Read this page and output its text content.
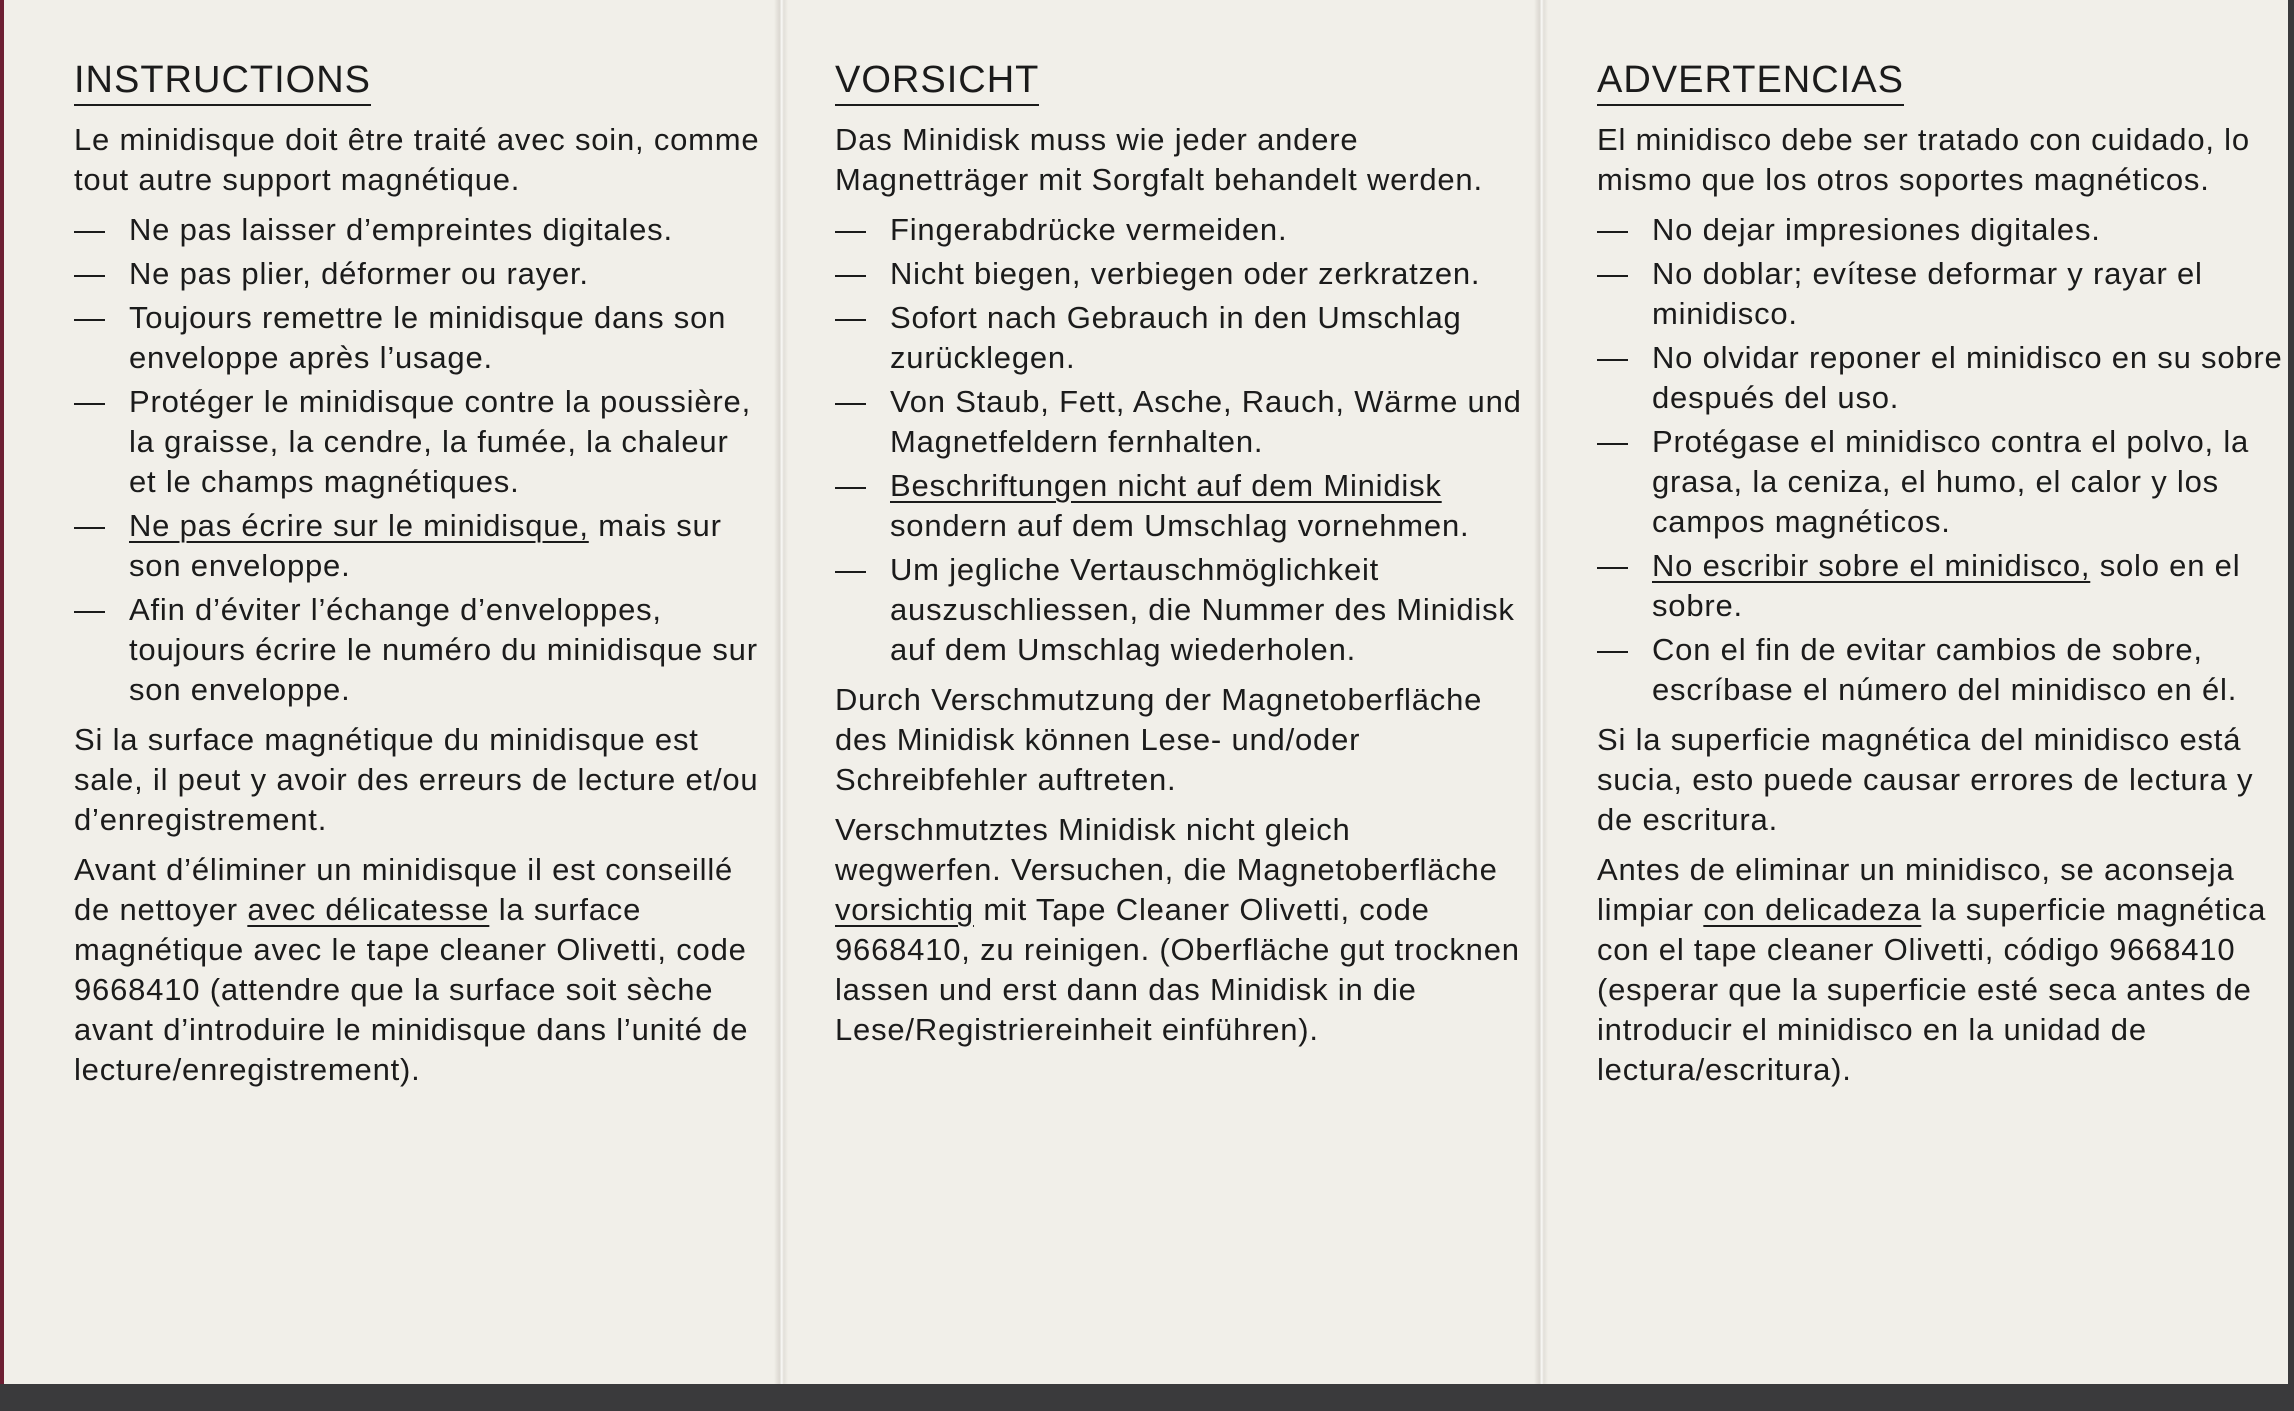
INSTRUCTIONS

Le minidisque doit être traité avec soin, comme tout autre support magnétique.

— Ne pas laisser d’empreintes digitales.
— Ne pas plier, déformer ou rayer.
— Toujours remettre le minidisque dans son enveloppe après l’usage.
— Protéger le minidisque contre la poussière, la graisse, la cendre, la fumée, la chaleur et le champs magnétiques.
— Ne pas écrire sur le minidisque, mais sur son enveloppe.
— Afin d’éviter l’échange d’enveloppes, toujours écrire le numéro du minidisque sur son enveloppe.

Si la surface magnétique du minidisque est sale, il peut y avoir des erreurs de lecture et/ou d’enregistrement.

Avant d’éliminer un minidisque il est conseillé de nettoyer avec délicatesse la surface magnétique avec le tape cleaner Olivetti, code 9668410 (attendre que la surface soit sèche avant d’introduire le minidisque dans l’unité de lecture/enregistrement).

VORSICHT

Das Minidisk muss wie jeder andere Magnetträger mit Sorgfalt behandelt werden.

— Fingerabdrücke vermeiden.
— Nicht biegen, verbiegen oder zerkratzen.
— Sofort nach Gebrauch in den Umschlag zurücklegen.
— Von Staub, Fett, Asche, Rauch, Wärme und Magnetfeldern fernhalten.
— Beschriftungen nicht auf dem Minidisk sondern auf dem Umschlag vornehmen.
— Um jegliche Vertauschmöglichkeit auszuschliessen, die Nummer des Minidisk auf dem Umschlag wiederholen.

Durch Verschmutzung der Magnetoberfläche des Minidisk können Lese- und/oder Schreibfehler auftreten.

Verschmutztes Minidisk nicht gleich wegwerfen. Versuchen, die Magnetoberfläche vorsichtig mit Tape Cleaner Olivetti, code 9668410, zu reinigen. (Oberfläche gut trocknen lassen und erst dann das Minidisk in die Lese/Registriereinheit einführen).

ADVERTENCIAS

El minidisco debe ser tratado con cuidado, lo mismo que los otros soportes magnéticos.

— No dejar impresiones digitales.
— No doblar; evítese deformar y rayar el minidisco.
— No olvidar reponer el minidisco en su sobre después del uso.
— Protégase el minidisco contra el polvo, la grasa, la ceniza, el humo, el calor y los campos magnéticos.
— No escribir sobre el minidisco, solo en el sobre.
— Con el fin de evitar cambios de sobre, escríbase el número del minidisco en él.

Si la superficie magnética del minidisco está sucia, esto puede causar errores de lectura y de escritura.

Antes de eliminar un minidisco, se aconseja limpiar con delicadeza la superficie magnética con el tape cleaner Olivetti, código 9668410 (esperar que la superficie esté seca antes de introducir el minidisco en la unidad de lectura/escritura).
